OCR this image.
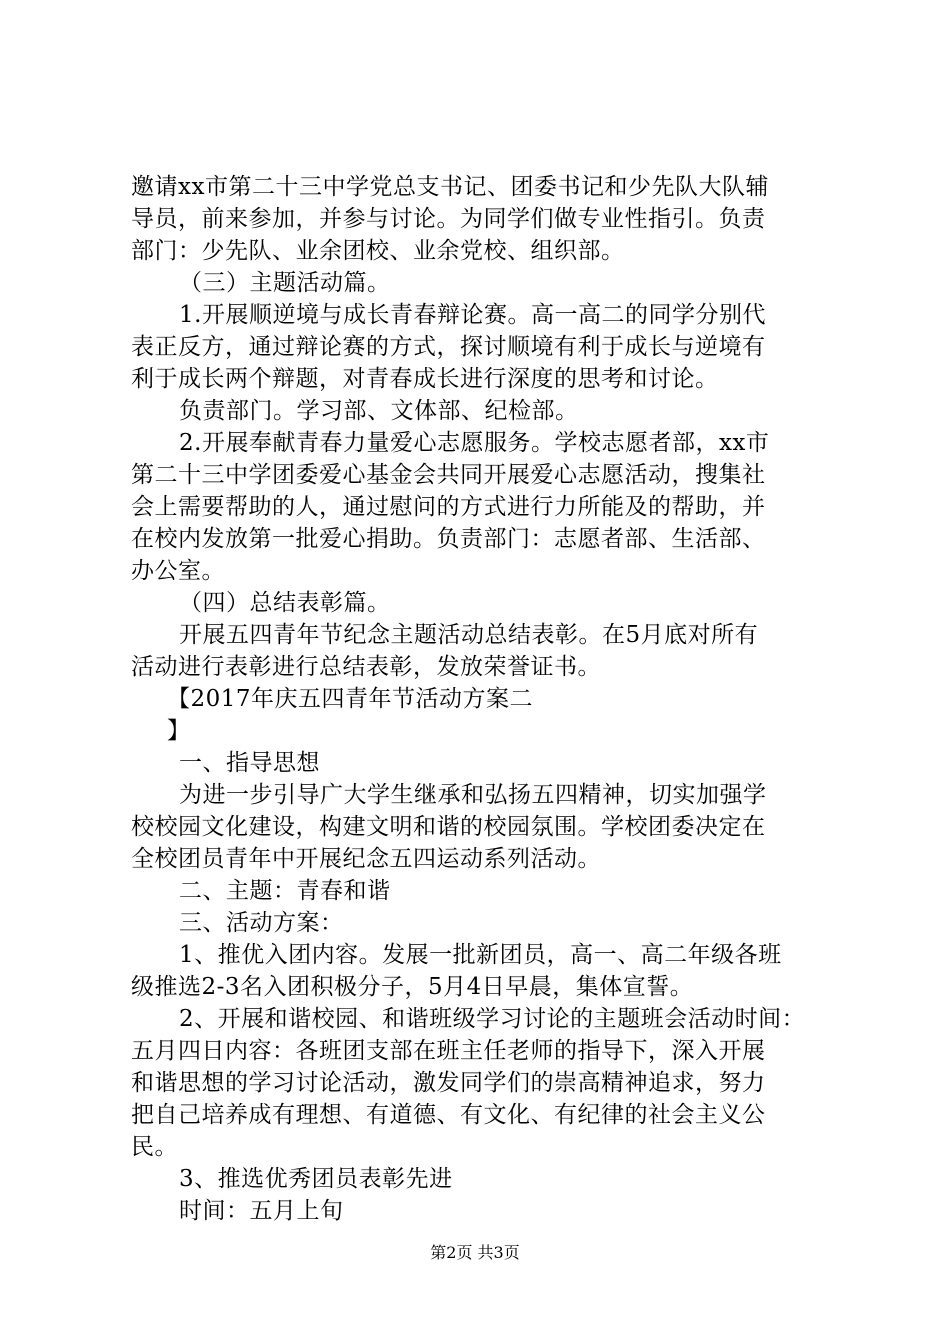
邀请xx市第二十三中学党总支书记、团委书记和少先队大队辅
导员，前来参加，并参与讨论。为同学们做专业性指引。负责
部门：少先队、业余团校、业余党校、组织部。
（三）主题活动篇。
1.开展顺逆境与成长青春辩论赛。高一高二的同学分别代
表正反方，通过辩论赛的方式，探讨顺境有利于成长与逆境有
利于成长两个辩题，对青春成长进行深度的思考和讨论。
负责部门。学习部、文体部、纪检部。
2.开展奉献青春力量爱心志愿服务。学校志愿者部，xx市
第二十三中学团委爱心基金会共同开展爱心志愿活动，搜集社
会上需要帮助的人，通过慰问的方式进行力所能及的帮助，并
在校内发放第一批爱心捐助。负责部门：志愿者部、生活部、
办公室。
（四）总结表彰篇。
开展五四青年节纪念主题活动总结表彰。在5月底对所有
活动进行表彰进行总结表彰，发放荣誉证书。
【2017年庆五四青年节活动方案二
】
一、指导思想
为进一步引导广大学生继承和弘扬五四精神，切实加强学
校校园文化建设，构建文明和谐的校园氛围。学校团委决定在
全校团员青年中开展纪念五四运动系列活动。
二、主题：青春和谐
三、活动方案：
1、推优入团内容。发展一批新团员，高一、高二年级各班
级推选2-3名入团积极分子，5月4日早晨，集体宣誓。
2、开展和谐校园、和谐班级学习讨论的主题班会活动时间：
五月四日内容：各班团支部在班主任老师的指导下，深入开展
和谐思想的学习讨论活动，激发同学们的崇高精神追求，努力
把自己培养成有理想、有道德、有文化、有纪律的社会主义公
民。
3、推选优秀团员表彰先进
时间：五月上旬
第2页 共3页
